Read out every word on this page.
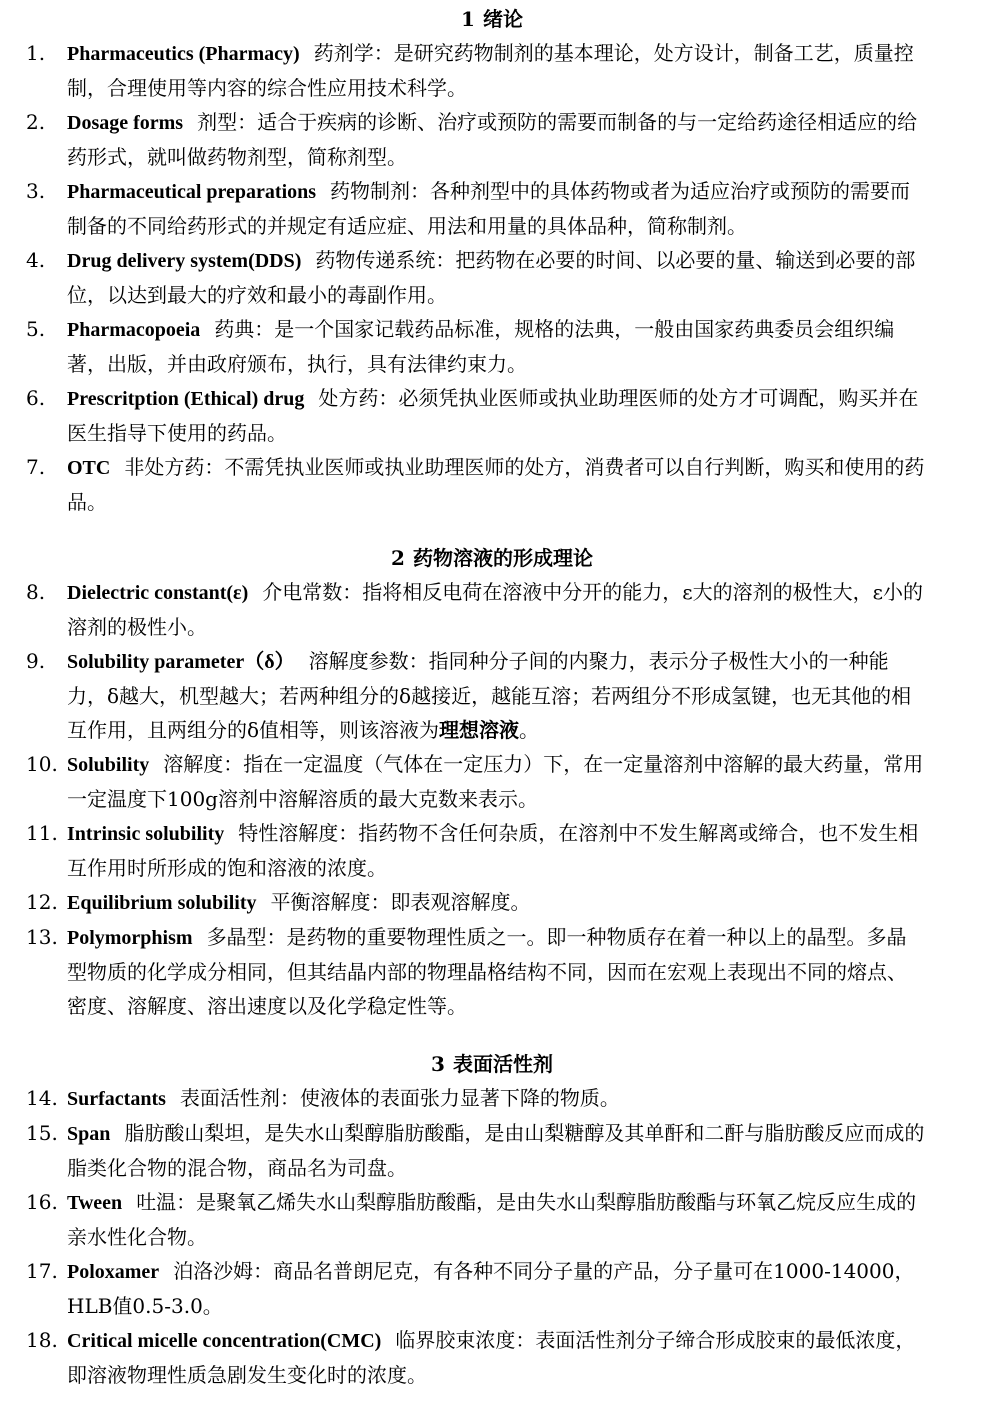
1 绪论
1.	Pharmaceutics (Pharmacy) 药剂学：是研究药物制剂的基本理论，处方设计，制备工艺，质量控制，合理使用等内容的综合性应用技术科学。
2.	Dosage forms 剂型：适合于疾病的诊断、治疗或预防的需要而制备的与一定给药途径相适应的给药形式，就叫做药物剂型，简称剂型。
3.	Pharmaceutical preparations 药物制剂：各种剂型中的具体药物或者为适应治疗或预防的需要而制备的不同给药形式的并规定有适应症、用法和用量的具体品种，简称制剂。
4.	Drug delivery system(DDS) 药物传递系统：把药物在必要的时间、以必要的量、输送到必要的部位，以达到最大的疗效和最小的毒副作用。
5.	Pharmacopoeia 药典：是一个国家记载药品标准，规格的法典，一般由国家药典委员会组织编著，出版，并由政府颁布，执行，具有法律约束力。
6.	Prescritption (Ethical) drug 处方药：必须凭执业医师或执业助理医师的处方才可调配，购买并在医生指导下使用的药品。
7.	OTC 非处方药：不需凭执业医师或执业助理医师的处方，消费者可以自行判断，购买和使用的药品。
2 药物溶液的形成理论
8.	Dielectric constant(ε) 介电常数：指将相反电荷在溶液中分开的能力，ε大的溶剂的极性大，ε小的溶剂的极性小。
9.	Solubility parameter（δ） 溶解度参数：指同种分子间的内聚力，表示分子极性大小的一种能力，δ越大，机型越大；若两种组分的δ越接近，越能互溶；若两组分不形成氢键，也无其他的相互作用，且两组分的δ值相等，则该溶液为理想溶液。
10. Solubility 溶解度：指在一定温度（气体在一定压力）下，在一定量溶剂中溶解的最大药量，常用一定温度下100g溶剂中溶解溶质的最大克数来表示。
11. Intrinsic solubility 特性溶解度：指药物不含任何杂质，在溶剂中不发生解离或缔合，也不发生相互作用时所形成的饱和溶液的浓度。
12. Equilibrium solubility 平衡溶解度：即表观溶解度。
13. Polymorphism 多晶型：是药物的重要物理性质之一。即一种物质存在着一种以上的晶型。多晶型物质的化学成分相同，但其结晶内部的物理晶格结构不同，因而在宏观上表现出不同的熔点、密度、溶解度、溶出速度以及化学稳定性等。
3 表面活性剂
14. Surfactants 表面活性剂：使液体的表面张力显著下降的物质。
15. Span 脂肪酸山梨坦，是失水山梨醇脂肪酸酯，是由山梨糖醇及其单酐和二酐与脂肪酸反应而成的脂类化合物的混合物，商品名为司盘。
16. Tween 吐温：是聚氧乙烯失水山梨醇脂肪酸酯，是由失水山梨醇脂肪酸酯与环氧乙烷反应生成的亲水性化合物。
17. Poloxamer 泊洛沙姆：商品名普朗尼克，有各种不同分子量的产品，分子量可在1000-14000，HLB值0.5-3.0。
18. Critical micelle concentration(CMC) 临界胶束浓度：表面活性剂分子缔合形成胶束的最低浓度，即溶液物理性质急剧发生变化时的浓度。
